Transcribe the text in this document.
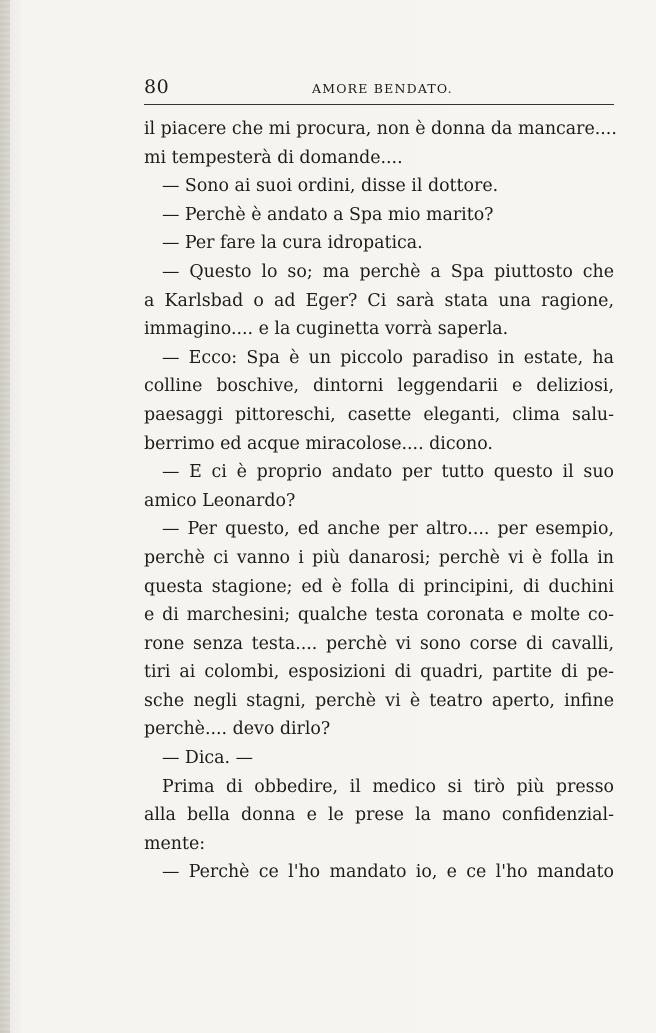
80	AMORE BENDATO.
il piacere che mi procura, non è donna da mancare....
mi tempesterà di domande....
— Sono ai suoi ordini, disse il dottore.
— Perchè è andato a Spa mio marito?
— Per fare la cura idropatica.
— Questo lo so; ma perchè a Spa piuttosto che
a Karlsbad o ad Eger? Ci sarà stata una ragione,
immagino.... e la cuginetta vorrà saperla.
— Ecco: Spa è un piccolo paradiso in estate, ha
colline boschive, dintorni leggendarii e deliziosi,
paesaggi pittoreschi, casette eleganti, clima salu-
berrimo ed acque miracolose.... dicono.
— E ci è proprio andato per tutto questo il suo
amico Leonardo?
— Per questo, ed anche per altro.... per esempio,
perchè ci vanno i più danarosi; perchè vi è folla in
questa stagione; ed è folla di principini, di duchini
e di marchesini; qualche testa coronata e molte co-
rone senza testa.... perchè vi sono corse di cavalli,
tiri ai colombi, esposizioni di quadri, partite di pe-
sche negli stagni, perchè vi è teatro aperto, infine
perchè.... devo dirlo?
— Dica. —
Prima di obbedire, il medico si tirò più presso
alla bella donna e le prese la mano confidenzial-
mente:
— Perchè ce l'ho mandato io, e ce l'ho mandato
